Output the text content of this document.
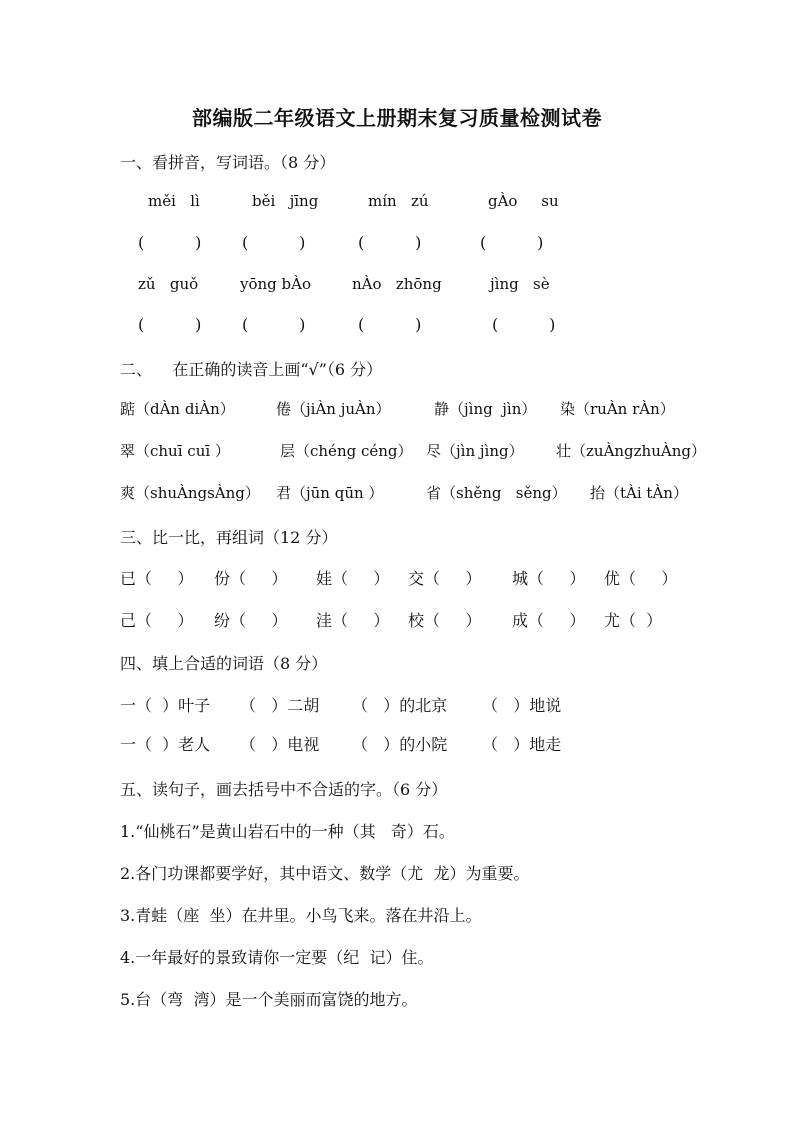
部编版二年级语文上册期末复习质量检测试卷
一、看拼音，写词语。（8 分）
měi   lì	běi   jīng	mín   zú	gÀo     su
(          )	(          )	(          )	(          )
zǔ   guǒ	yōng bÀo	nÀo   zhōng	jìng   sè
(          )	(          )	(          )	(          )
二、    在正确的读音上画“√”（6 分）
踮（dÀn diÀn）	倦（jiÀn juÀn）	静（jìng  jìn） 染（ruÀn rÀn）
翠（chuī cuī ）	层（chéng céng） 尽（jìn jìng） 壮（zuÀngzhuÀng）
爽（shuÀngsÀng） 君（jūn qūn ）	省（shěng   sěng） 抬（tÀi tÀn）
三、比一比，再组词（12 分）
已（     ） 份（     ） 娃（     ） 交（     ） 城（     ） 优（     ）
己（     ） 纷（     ） 洼（     ） 校（     ） 成（     ） 尤（  ）
四、填上合适的词语（8 分）
一（  ）叶子 （   ）二胡 （   ）的北京 （   ）地说
一（  ）老人 （   ）电视 （   ）的小院 （   ）地走
五、读句子，画去括号中不合适的字。（6 分）
1.“仙桃石”是黄山岩石中的一种（其   奇）石。
2.各门功课都要学好，其中语文、数学（尤  龙）为重要。
3.青蛙（座  坐）在井里。小鸟飞来。落在井沿上。
4.一年最好的景致请你一定要（纪  记）住。
5.台（弯  湾）是一个美丽而富饶的地方。
